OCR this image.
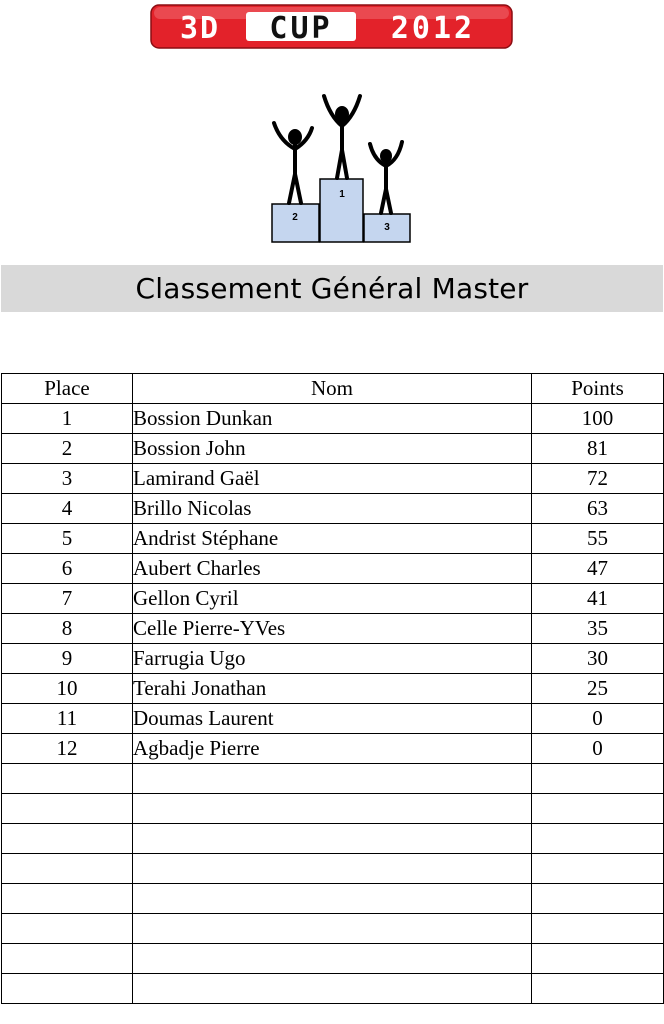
3D CUP 2012
2
1
3
Classement Général Master
Place	Nom	Points
1	Bossion Dunkan	100
2	Bossion John	81
3	Lamirand Gaël	72
4	Brillo Nicolas	63
5	Andrist Stéphane	55
6	Aubert Charles	47
7	Gellon Cyril	41
8	Celle Pierre-YVes	35
9	Farrugia Ugo	30
10	Terahi Jonathan	25
11	Doumas Laurent	0
12	Agbadje Pierre	0
